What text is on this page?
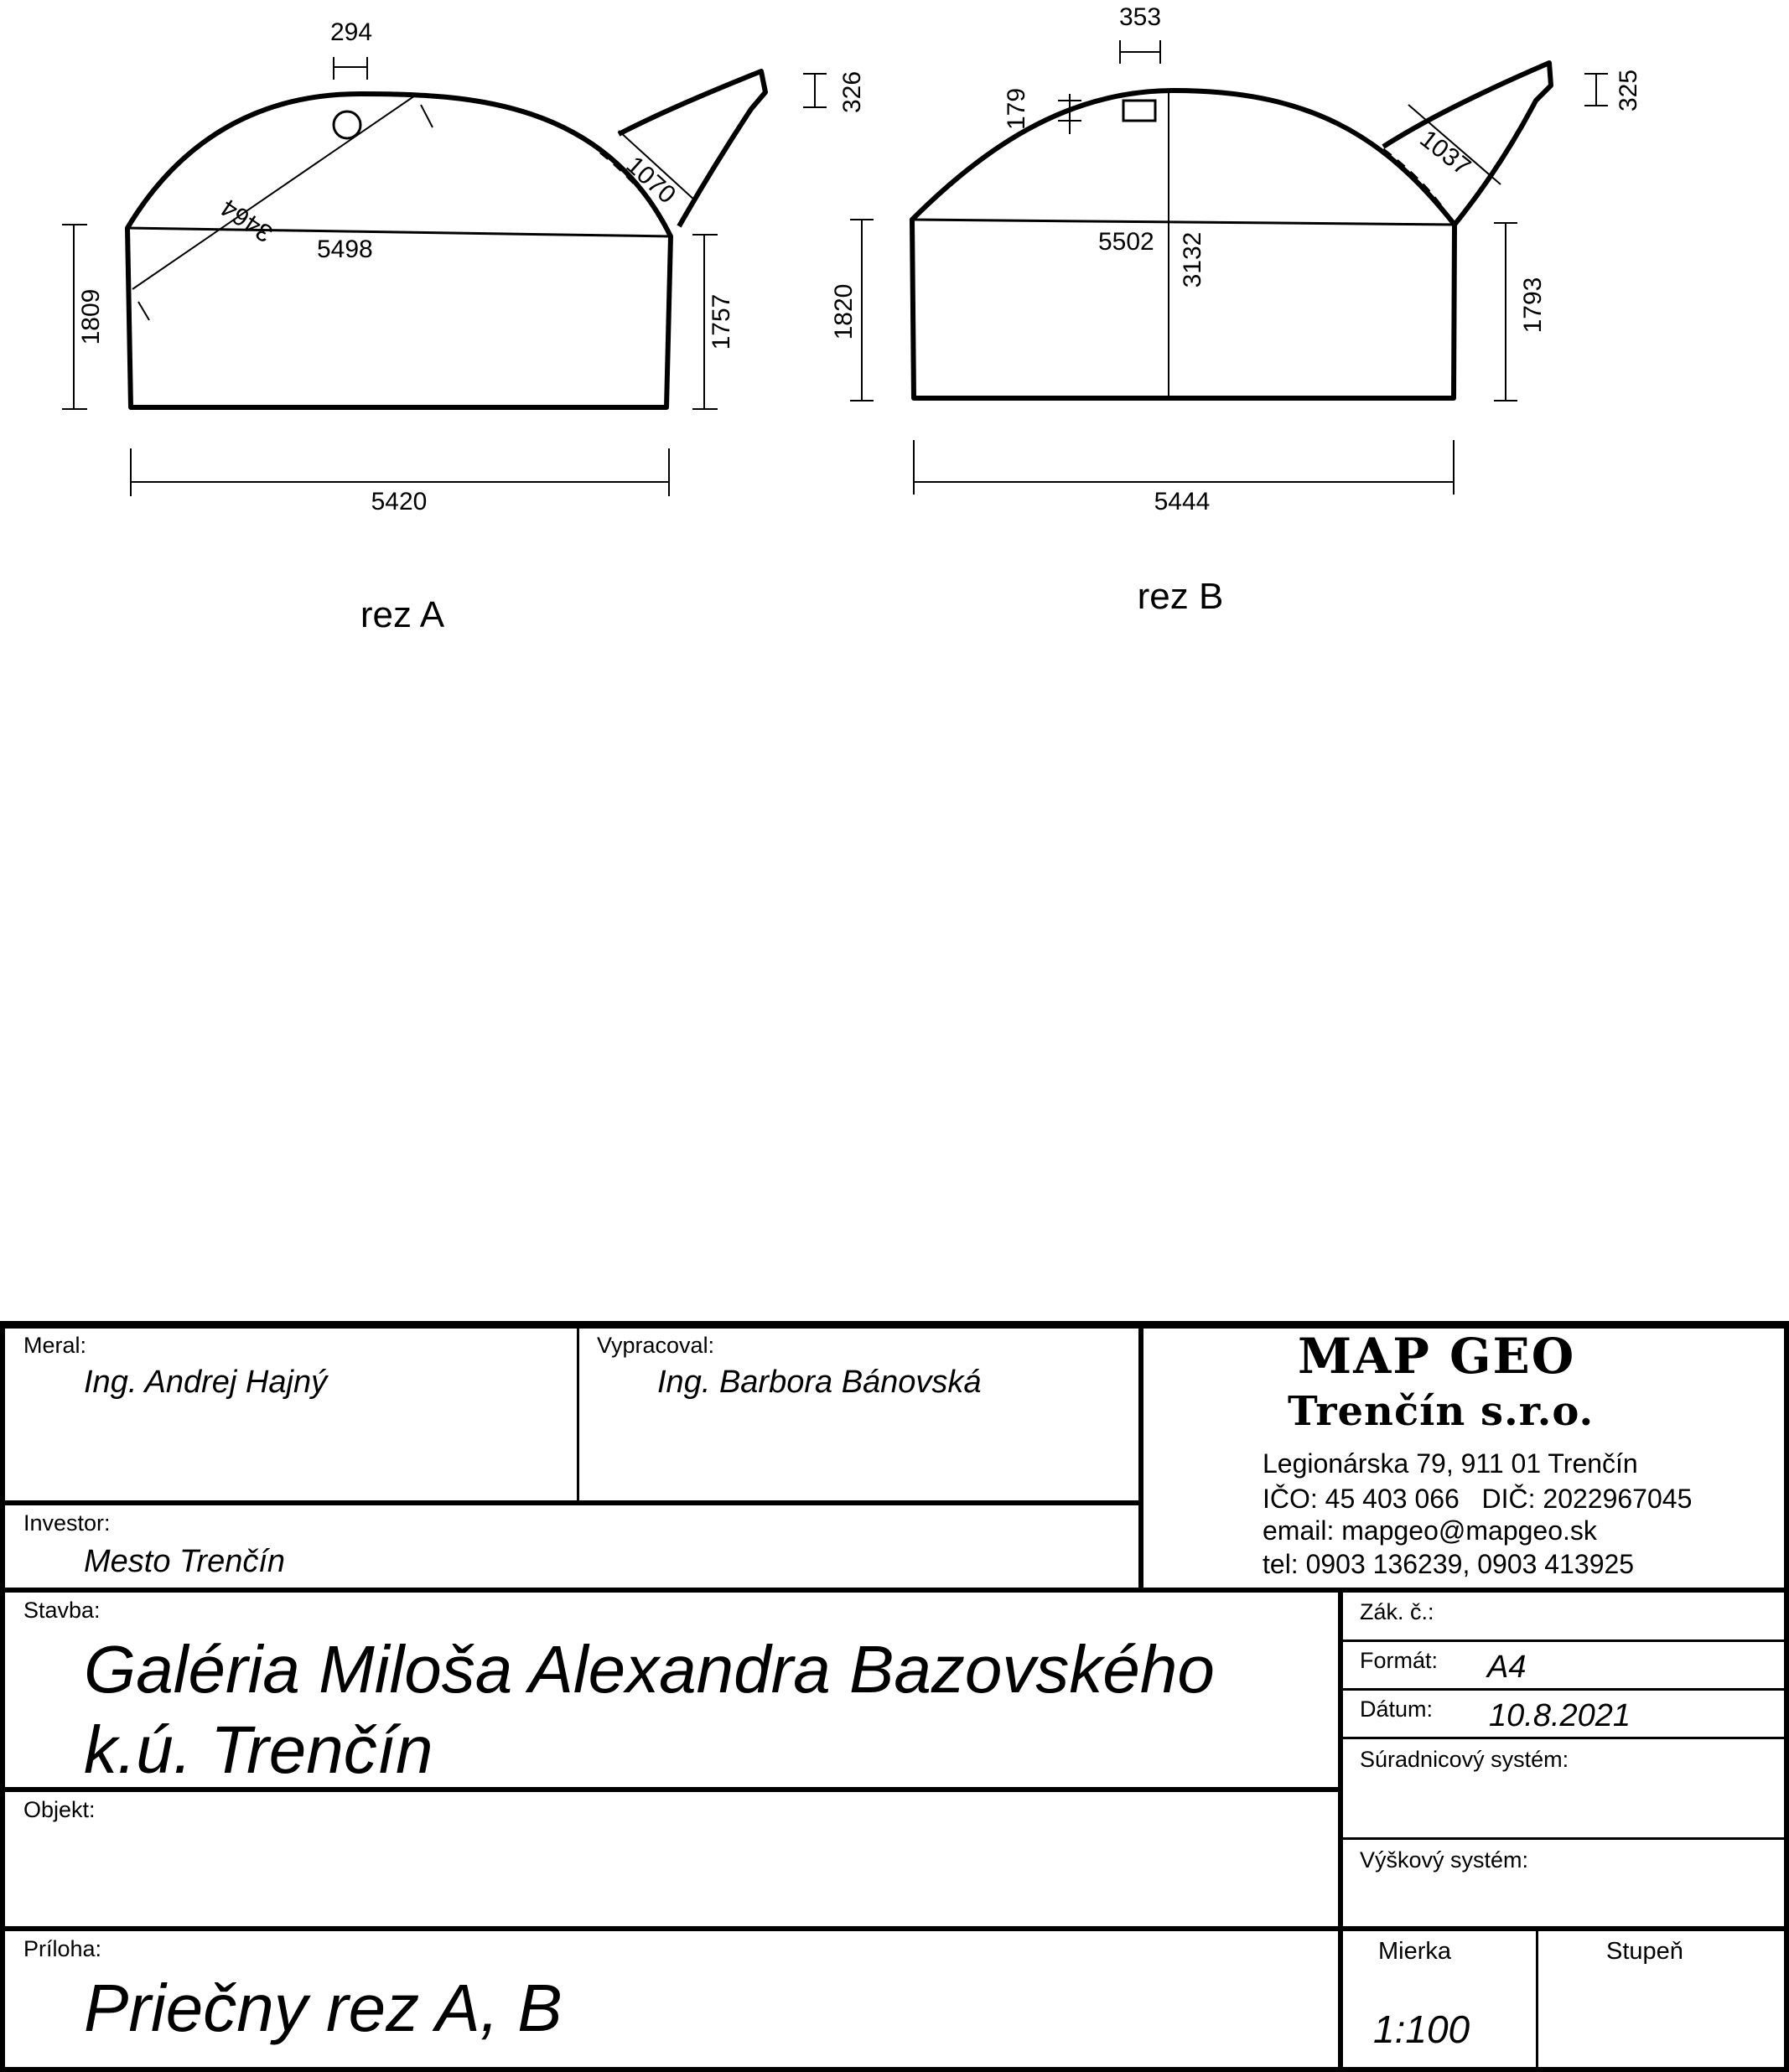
294
3464
5498
1070
326
1809	1757
5420
rez A
353
179
5502 3132
1037
325
1820	1793
5444
rez B
Meral:
Ing. Andrej Hajný
Vypracoval:
Ing. Barbora Bánovská
Investor:
Mesto Trenčín
MAP GEO
Trenčín s.r.o.
Legionárska 79, 911 01 Trenčín
IČO: 45 403 066   DIČ: 2022967045
email: mapgeo@mapgeo.sk
tel: 0903 136239, 0903 413925
Stavba:
Galéria Miloša Alexandra Bazovského
k.ú. Trenčín
Objekt:
Príloha:
Priečny rez A, B
Zák. č.:
Formát: A4
Dátum: 10.8.2021
Súradnicový systém:
Výškový systém:
Mierka
1:100
Stupeň
